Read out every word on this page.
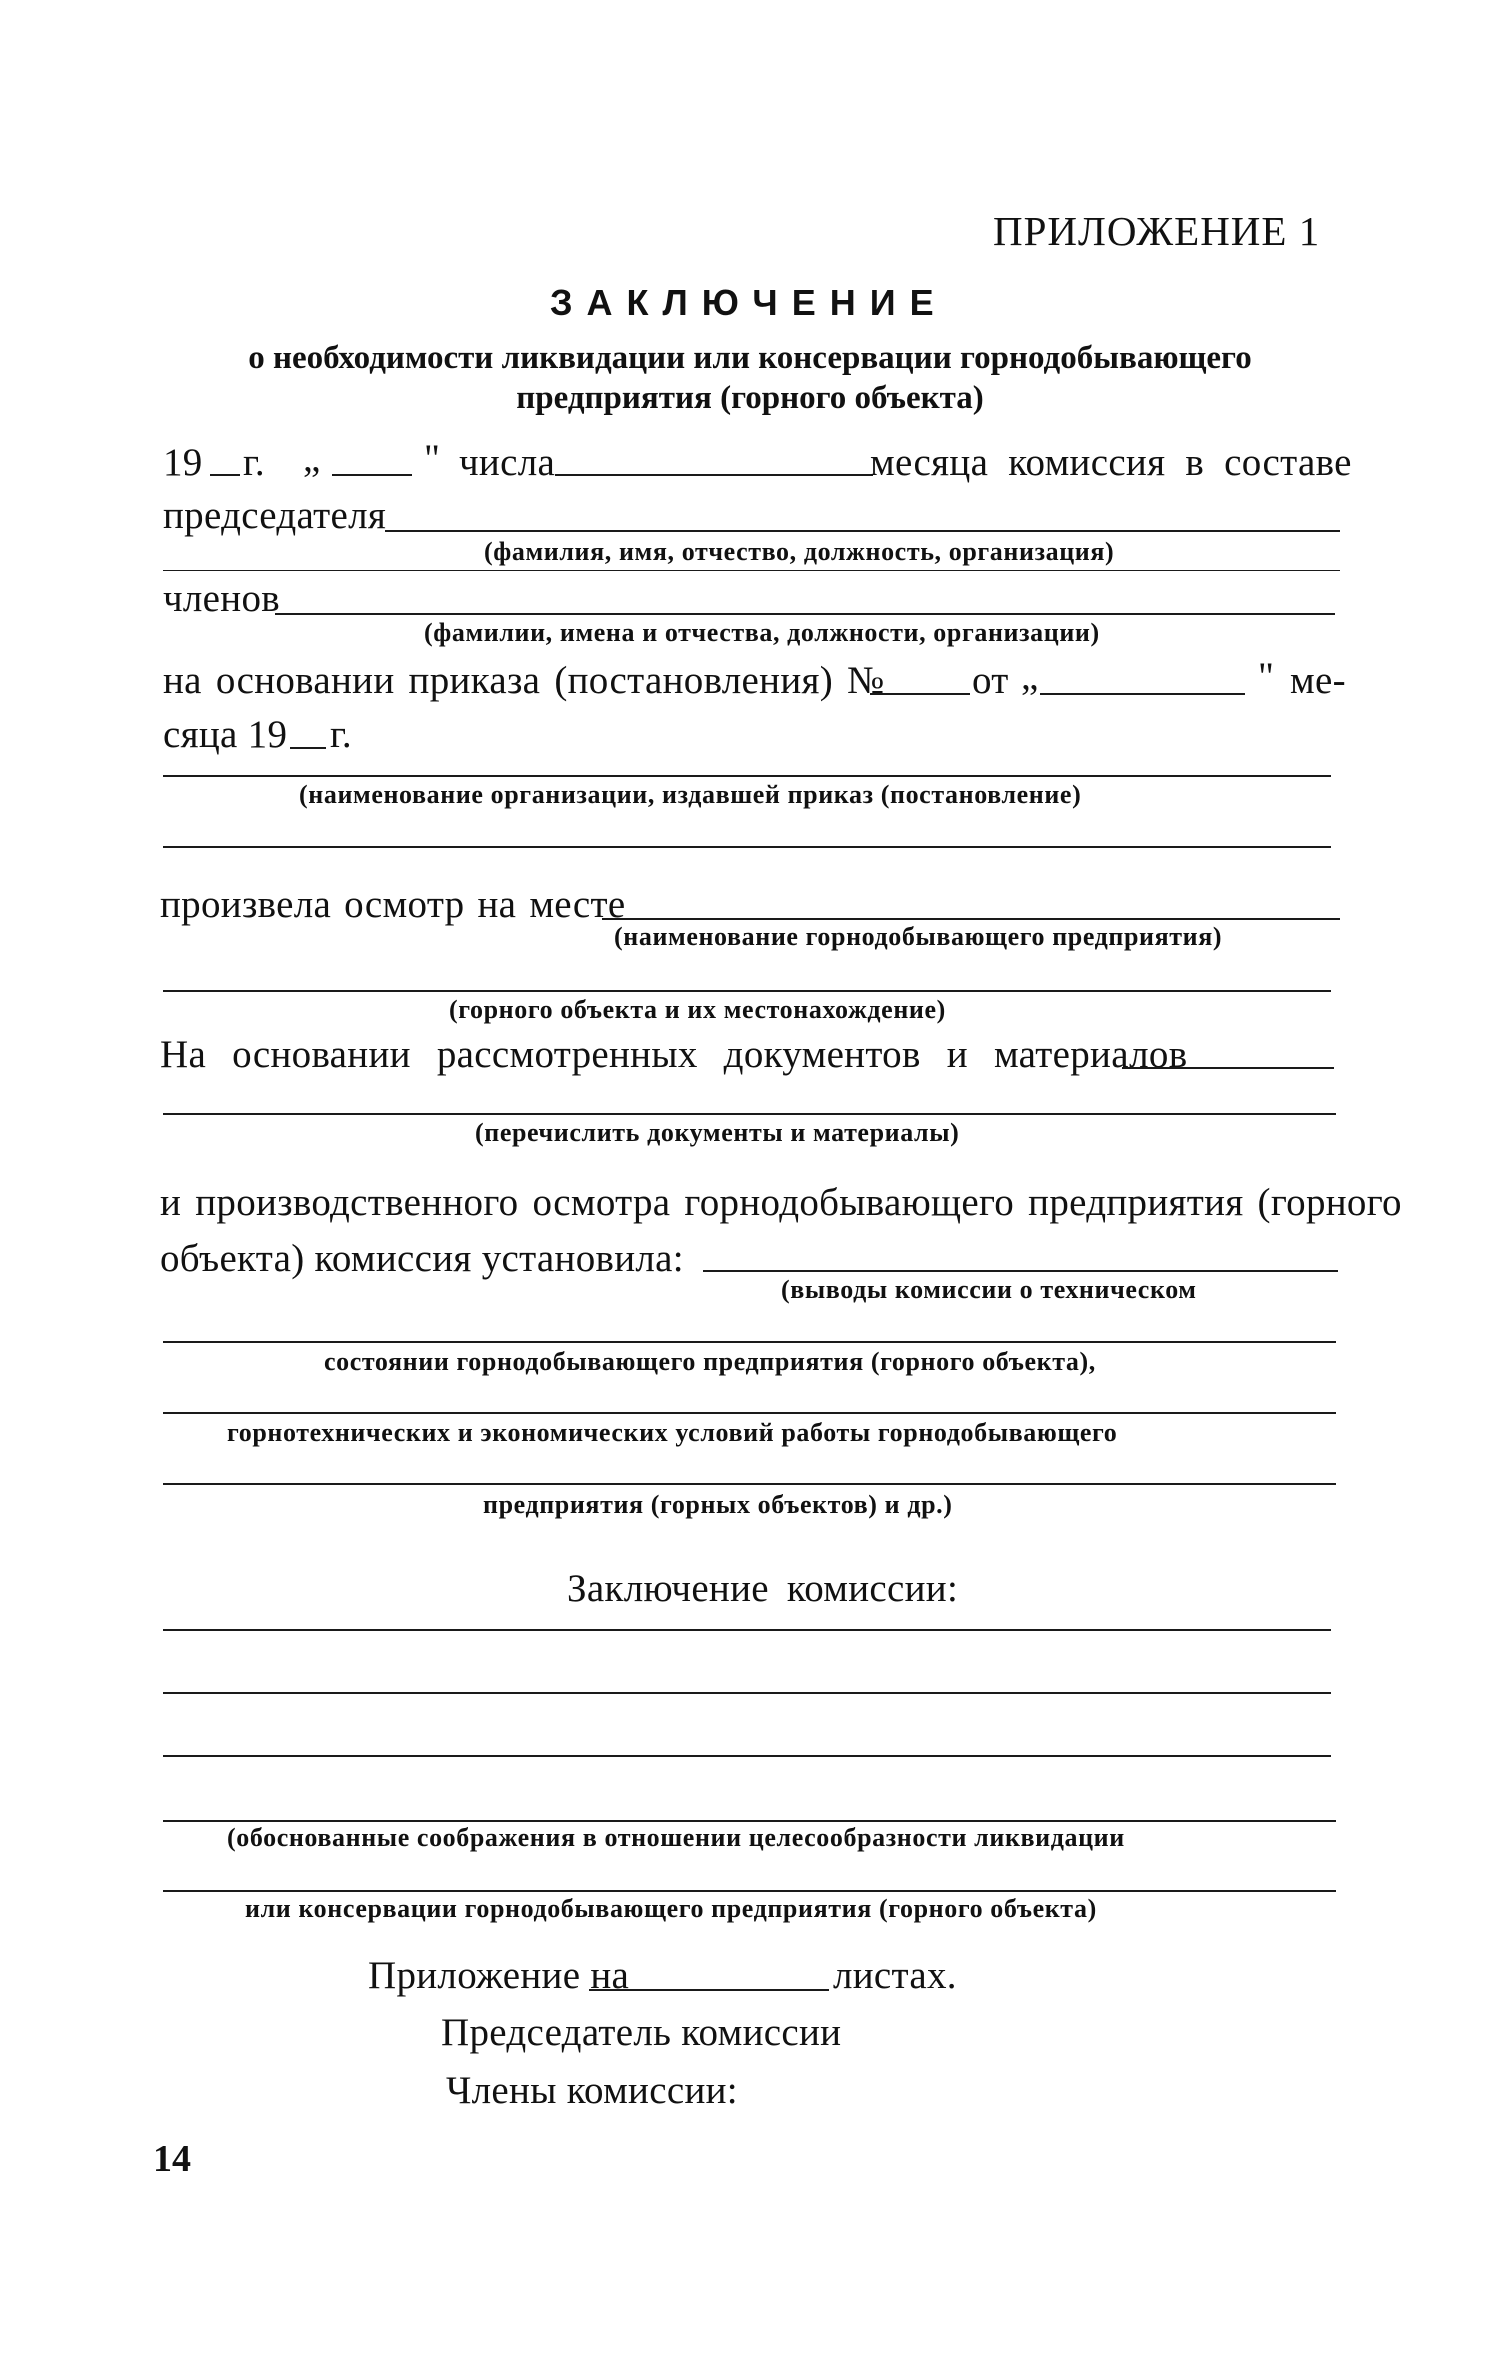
ПРИЛОЖЕНИЕ 1
ЗАКЛЮЧЕНИЕ
о необходимости ликвидации или консервации горнодобывающего
предприятия (горного объекта)
19 г. „	" числа	месяца комиссия в составе
председателя
(фамилия, имя, отчество, должность, организация)
членов
(фамилии, имена и отчества, должности, организации)
на основании приказа (постановления) № от „	" ме-
сяца 19 г.
(наименование организации, издавшей приказ (постановление)
произвела осмотр на месте
(наименование горнодобывающего предприятия)
(горного объекта и их местонахождение)
На основании рассмотренных документов и материалов
(перечислить документы и материалы)
и производственного осмотра горнодобывающего предприятия (горного
объекта) комиссия установила:
(выводы комиссии о техническом
состоянии горнодобывающего предприятия (горного объекта),
горнотехнических и экономических условий работы горнодобывающего
предприятия (горных объектов) и др.)
Заключение комиссии:
(обоснованные соображения в отношении целесообразности ликвидации
или консервации горнодобывающего предприятия (горного объекта)
Приложение на	листах.
Председатель комиссии
Члены комиссии:
14
